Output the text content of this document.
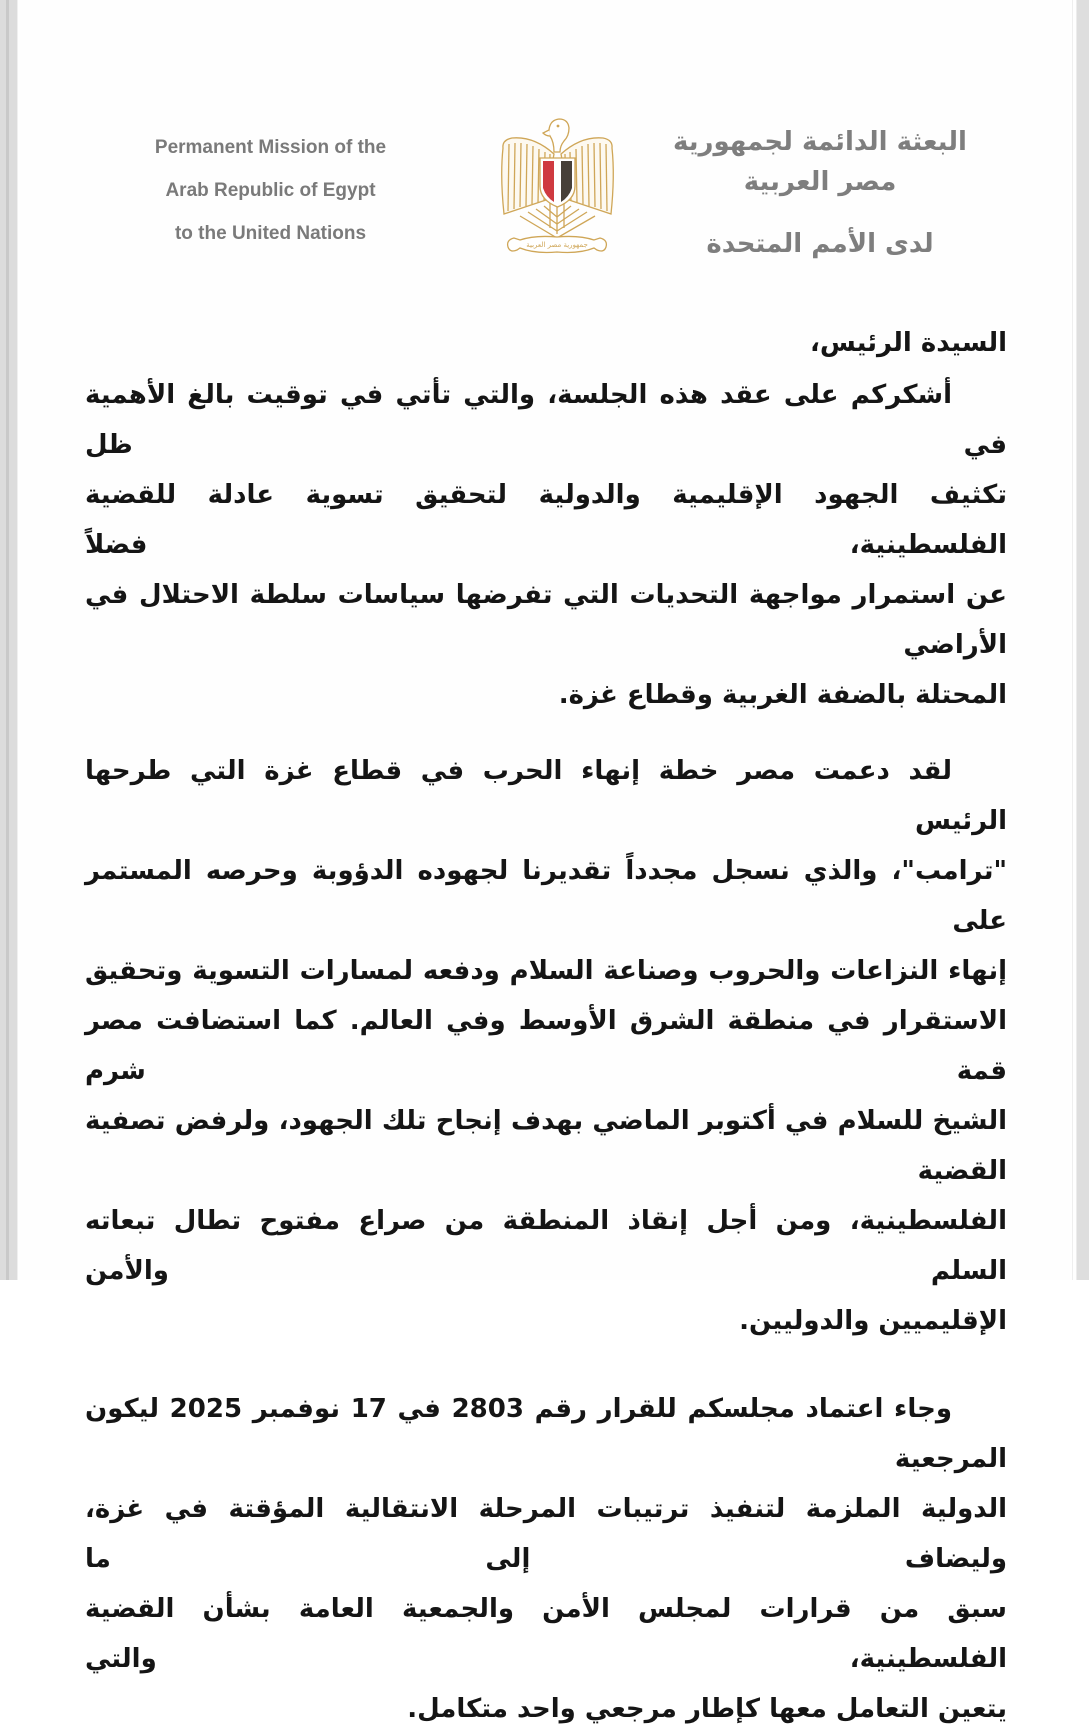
Permanent Mission of the
Arab Republic of Egypt
to the United Nations
جمهورية مصر العربية
البعثة الدائمة لجمهورية مصر العربية
لدى الأمم المتحدة

السيدة الرئيس،

أشكركم على عقد هذه الجلسة، والتي تأتي في توقيت بالغ الأهمية في ظل
تكثيف الجهود الإقليمية والدولية لتحقيق تسوية عادلة للقضية الفلسطينية، فضلاً
عن استمرار مواجهة التحديات التي تفرضها سياسات سلطة الاحتلال في الأراضي
المحتلة بالضفة الغربية وقطاع غزة.
لقد دعمت مصر خطة إنهاء الحرب في قطاع غزة التي طرحها الرئيس
"ترامب"، والذي نسجل مجدداً تقديرنا لجهوده الدؤوبة وحرصه المستمر على
إنهاء النزاعات والحروب وصناعة السلام ودفعه لمسارات التسوية وتحقيق
الاستقرار في منطقة الشرق الأوسط وفي العالم. كما استضافت مصر قمة شرم
الشيخ للسلام في أكتوبر الماضي بهدف إنجاح تلك الجهود، ولرفض تصفية القضية
الفلسطينية، ومن أجل إنقاذ المنطقة من صراع مفتوح تطال تبعاته السلم والأمن
الإقليميين والدوليين.
وجاء اعتماد مجلسكم للقرار رقم 2803 في 17 نوفمبر 2025 ليكون المرجعية
الدولية الملزمة لتنفيذ ترتيبات المرحلة الانتقالية المؤقتة في غزة، وليضاف إلى ما
سبق من قرارات لمجلس الأمن والجمعية العامة بشأن القضية الفلسطينية، والتي
يتعين التعامل معها كإطار مرجعي واحد متكامل.
